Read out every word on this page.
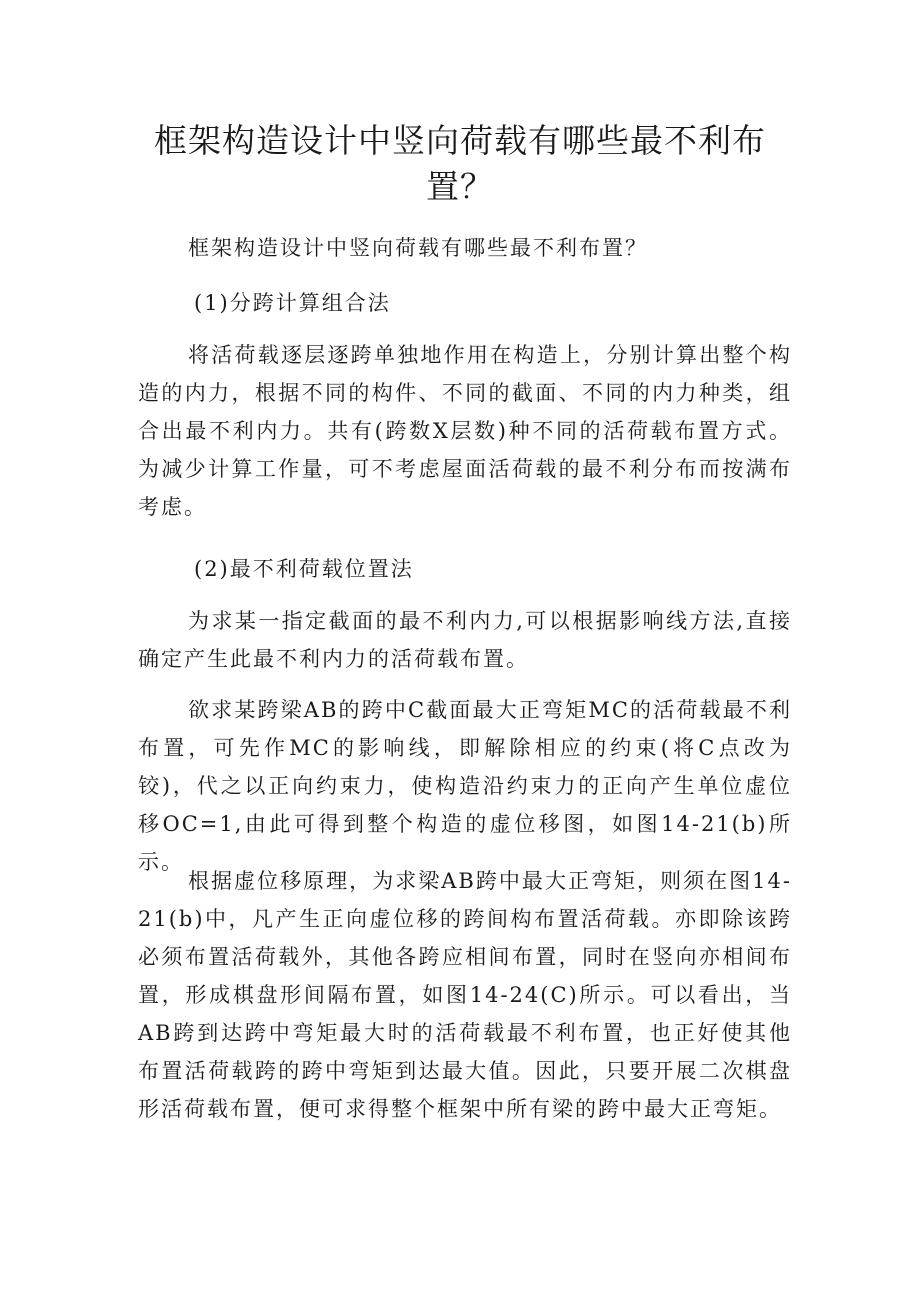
框架构造设计中竖向荷载有哪些最不利布置？

框架构造设计中竖向荷载有哪些最不利布置？

(1)分跨计算组合法

将活荷载逐层逐跨单独地作用在构造上，分别计算出整个构造的内力，根据不同的构件、不同的截面、不同的内力种类，组合出最不利内力。共有(跨数X层数)种不同的活荷载布置方式。为减少计算工作量，可不考虑屋面活荷载的最不利分布而按满布考虑。

(2)最不利荷载位置法

为求某一指定截面的最不利内力,可以根据影响线方法,直接确定产生此最不利内力的活荷载布置。

欲求某跨梁AB的跨中C截面最大正弯矩MC的活荷载最不利布置，可先作MC的影响线，即解除相应的约束(将C点改为铰)，代之以正向约束力，使构造沿约束力的正向产生单位虚位移OC=1,由此可得到整个构造的虚位移图，如图14-21(b)所示。

根据虚位移原理，为求梁AB跨中最大正弯矩，则须在图14-21(b)中，凡产生正向虚位移的跨间构布置活荷载。亦即除该跨必须布置活荷载外，其他各跨应相间布置，同时在竖向亦相间布置，形成棋盘形间隔布置，如图14-24(C)所示。可以看出，当AB跨到达跨中弯矩最大时的活荷载最不利布置，也正好使其他布置活荷载跨的跨中弯矩到达最大值。因此，只要开展二次棋盘形活荷载布置，便可求得整个框架中所有梁的跨中最大正弯矩。
